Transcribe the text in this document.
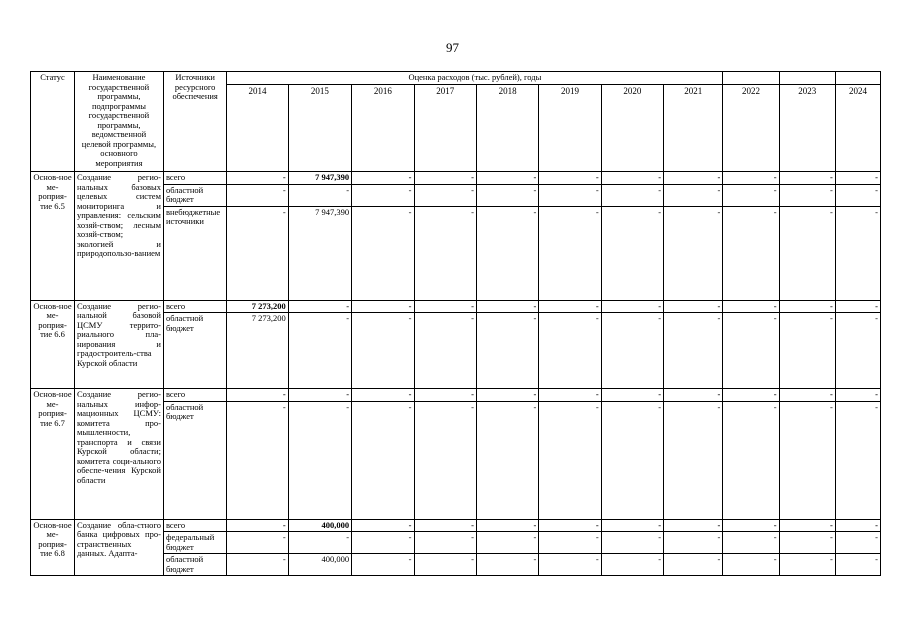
97
Статус	Наименование государственной программы, подпрограммы государственной программы, ведомственной целевой программы, основного мероприятия	Источники ресурсного обеспечения	Оценка расходов (тыс. рублей), годы										
			2014	2015	2016	2017	2018	2019	2020	2021	2022	2023	2024
Основ-ное ме-роприя-тие 6.5	Создание регио-нальных базовых целевых систем мониторинга и управления: сельским хозяй-ством; лесным хозяй-ством; экологией и природопользо-ванием	всего	-	7 947,390	-	-	-	-	-	-	-	-	-
		областной бюджет	-	-	-	-	-	-	-	-	-	-	-
		внебюджетные источники	-	7 947,390	-	-	-	-	-	-	-	-	-
Основ-ное ме-роприя-тие 6.6	Создание регио-нальной базовой ЦСМУ террито-риального пла-нирования и градостроитель-ства Курской области	всего	7 273,200	-	-	-	-	-	-	-	-	-	-
		областной бюджет	7 273,200	-	-	-	-	-	-	-	-	-	-
Основ-ное ме-роприя-тие 6.7	Создание регио-нальных инфор-мационных ЦСМУ: комитета про-мышленности, транспорта и связи Курской области; комитета соци-ального обеспе-чения Курской области	всего	-	-	-	-	-	-	-	-	-	-	-
		областной бюджет	-	-	-	-	-	-	-	-	-	-	-
Основ-ное ме-роприя-тие 6.8	Создание обла-стного банка цифровых про-странственных данных. Адапта-	всего	-	400,000	-	-	-	-	-	-	-	-	-
		федеральный бюджет	-	-	-	-	-	-	-	-	-	-	-
		областной бюджет	-	400,000	-	-	-	-	-	-	-	-	-
